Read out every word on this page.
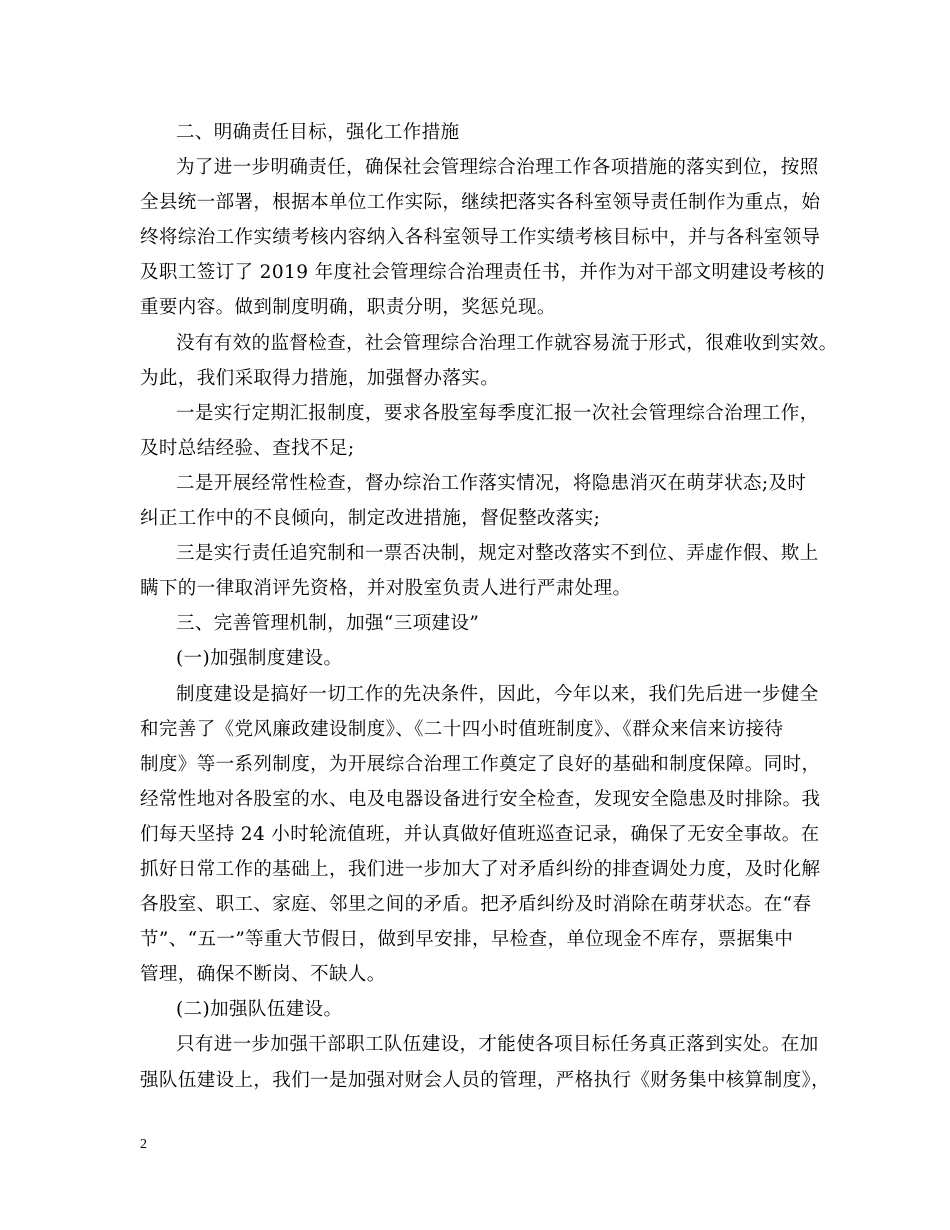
二、明确责任目标，强化工作措施
为了进一步明确责任，确保社会管理综合治理工作各项措施的落实到位，按照
全县统一部署，根据本单位工作实际，继续把落实各科室领导责任制作为重点，始
终将综治工作实绩考核内容纳入各科室领导工作实绩考核目标中，并与各科室领导
及职工签订了 2019 年度社会管理综合治理责任书，并作为对干部文明建设考核的
重要内容。做到制度明确，职责分明，奖惩兑现。
没有有效的监督检查，社会管理综合治理工作就容易流于形式，很难收到实效。
为此，我们采取得力措施，加强督办落实。
一是实行定期汇报制度，要求各股室每季度汇报一次社会管理综合治理工作，
及时总结经验、查找不足;
二是开展经常性检查，督办综治工作落实情况，将隐患消灭在萌芽状态;及时
纠正工作中的不良倾向，制定改进措施，督促整改落实;
三是实行责任追究制和一票否决制，规定对整改落实不到位、弄虚作假、欺上
瞒下的一律取消评先资格，并对股室负责人进行严肃处理。
三、完善管理机制，加强“三项建设”
(一)加强制度建设。
制度建设是搞好一切工作的先决条件，因此，今年以来，我们先后进一步健全
和完善了《党风廉政建设制度》、《二十四小时值班制度》、《群众来信来访接待
制度》等一系列制度，为开展综合治理工作奠定了良好的基础和制度保障。同时，
经常性地对各股室的水、电及电器设备进行安全检查，发现安全隐患及时排除。我
们每天坚持 24 小时轮流值班，并认真做好值班巡查记录，确保了无安全事故。在
抓好日常工作的基础上，我们进一步加大了对矛盾纠纷的排查调处力度，及时化解
各股室、职工、家庭、邻里之间的矛盾。把矛盾纠纷及时消除在萌芽状态。在“春
节”、“五一”等重大节假日，做到早安排，早检查，单位现金不库存，票据集中
管理，确保不断岗、不缺人。
(二)加强队伍建设。
只有进一步加强干部职工队伍建设，才能使各项目标任务真正落到实处。在加
强队伍建设上，我们一是加强对财会人员的管理，严格执行《财务集中核算制度》，
2
